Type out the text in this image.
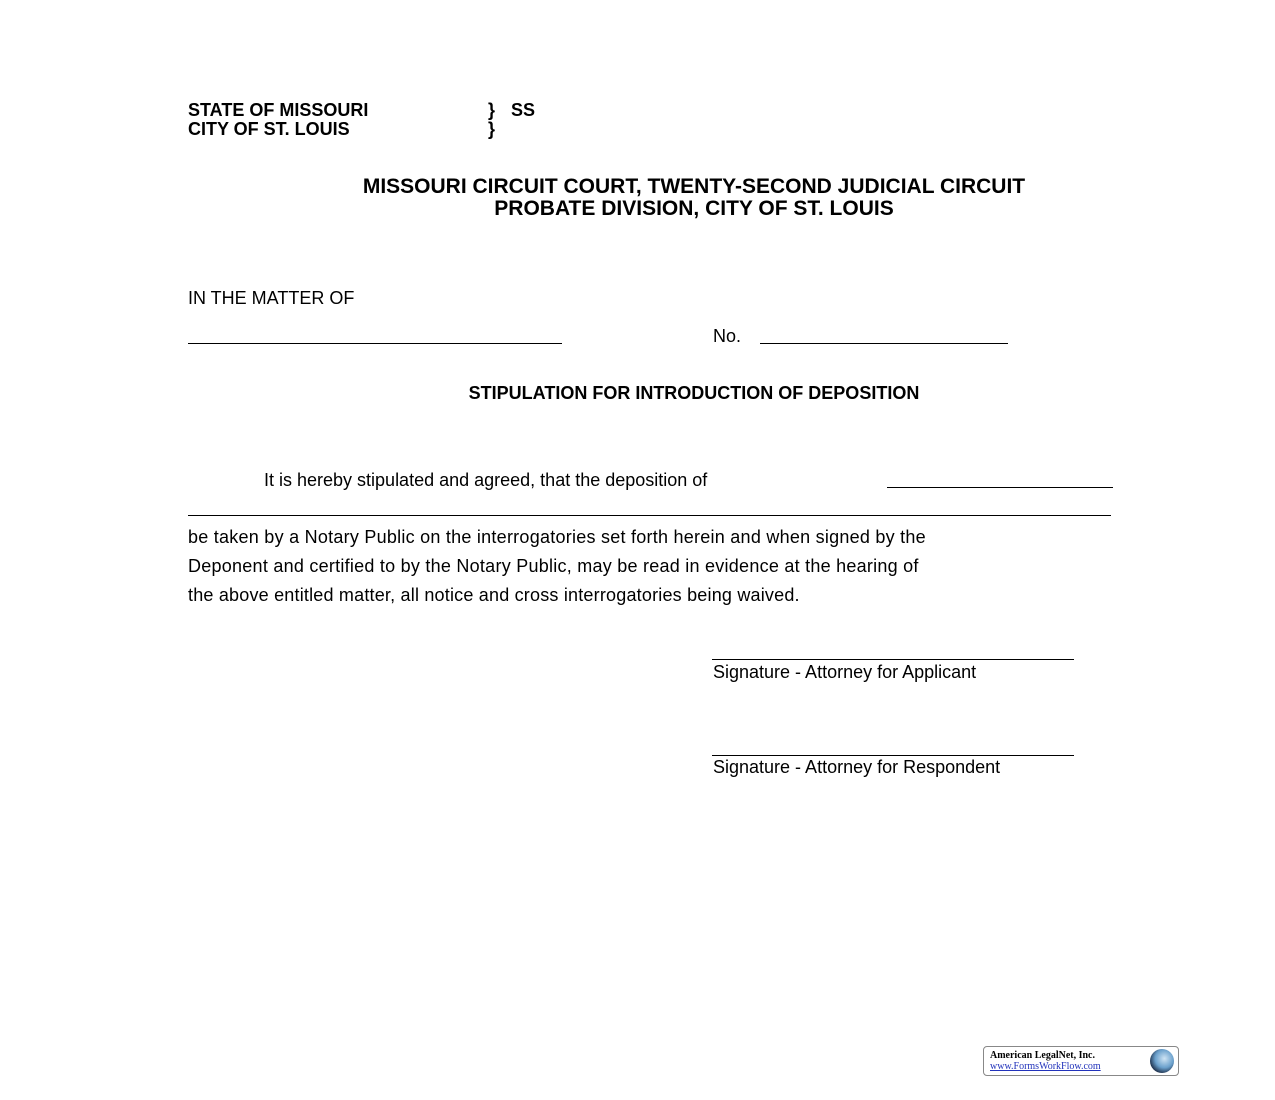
STATE OF MISSOURI
CITY OF ST. LOUIS
}
}
SS
MISSOURI CIRCUIT COURT, TWENTY-SECOND JUDICIAL CIRCUIT
PROBATE DIVISION, CITY OF ST. LOUIS
IN THE MATTER OF
No.
STIPULATION FOR INTRODUCTION OF DEPOSITION
It is hereby stipulated and agreed, that the deposition of
be taken by a Notary Public on the interrogatories set forth herein and when signed by the
Deponent and certified to by the Notary Public, may be read in evidence at the hearing of
the above entitled matter, all notice and cross interrogatories being waived.
Signature - Attorney for Applicant
Signature - Attorney for Respondent
American LegalNet, Inc.
www.FormsWorkFlow.com
